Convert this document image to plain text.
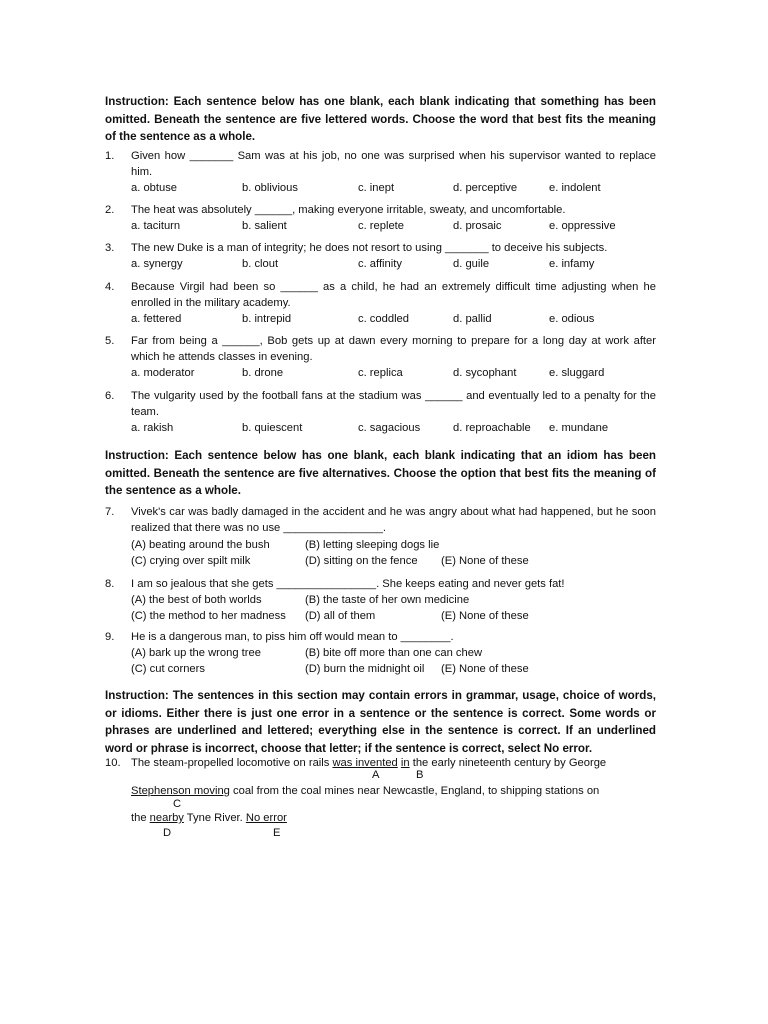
Instruction: Each sentence below has one blank, each blank indicating that something has been omitted. Beneath the sentence are five lettered words. Choose the word that best fits the meaning of the sentence as a whole.

1.	Given how _______ Sam was at his job, no one was surprised when his supervisor wanted to replace him.
a. obtuse	b. oblivious	c. inept	d. perceptive	e. indolent
2.	The heat was absolutely ______, making everyone irritable, sweaty, and uncomfortable.
a. taciturn	b. salient	c. replete	d. prosaic	e. oppressive
3.	The new Duke is a man of integrity; he does not resort to using _______ to deceive his subjects.
a. synergy	b. clout	c. affinity	d. guile	e. infamy
4.	Because Virgil had been so ______ as a child, he had an extremely difficult time adjusting when he enrolled in the military academy.
a. fettered	b. intrepid	c. coddled	d. pallid	e. odious
5.	Far from being a ______, Bob gets up at dawn every morning to prepare for a long day at work after which he attends classes in evening.
a. moderator	b. drone	c. replica	d. sycophant	e. sluggard
6.	The vulgarity used by the football fans at the stadium was ______ and eventually led to a penalty for the team.
a. rakish	b. quiescent	c. sagacious	d. reproachable e. mundane

Instruction: Each sentence below has one blank, each blank indicating that an idiom has been omitted. Beneath the sentence are five alternatives. Choose the option that best fits the meaning of the sentence as a whole.

7.	Vivek's car was badly damaged in the accident and he was angry about what had happened, but he soon realized that there was no use ________________.
(A) beating around the bush	(B) letting sleeping dogs lie
(C) crying over spilt milk	(D) sitting on the fence (E) None of these
8.	I am so jealous that she gets ________________. She keeps eating and never gets fat!
(A) the best of both worlds	(B) the taste of her own medicine
(C) the method to her madness (D) all of them	(E) None of these
9.	He is a dangerous man, to piss him off would mean to ________.
(A) bark up the wrong tree	(B) bite off more than one can chew
(C) cut corners	(D) burn the midnight oil (E) None of these

Instruction: The sentences in this section may contain errors in grammar, usage, choice of words, or idioms. Either there is just one error in a sentence or the sentence is correct. Some words or phrases are underlined and lettered; everything else in the sentence is correct. If an underlined word or phrase is incorrect, choose that letter; if the sentence is correct, select No error.

10. The steam-propelled locomotive on rails was invented in the early nineteenth century by George
A	B
Stephenson moving coal from the coal mines near Newcastle, England, to shipping stations on
C
the nearby Tyne River. No error
D	E
